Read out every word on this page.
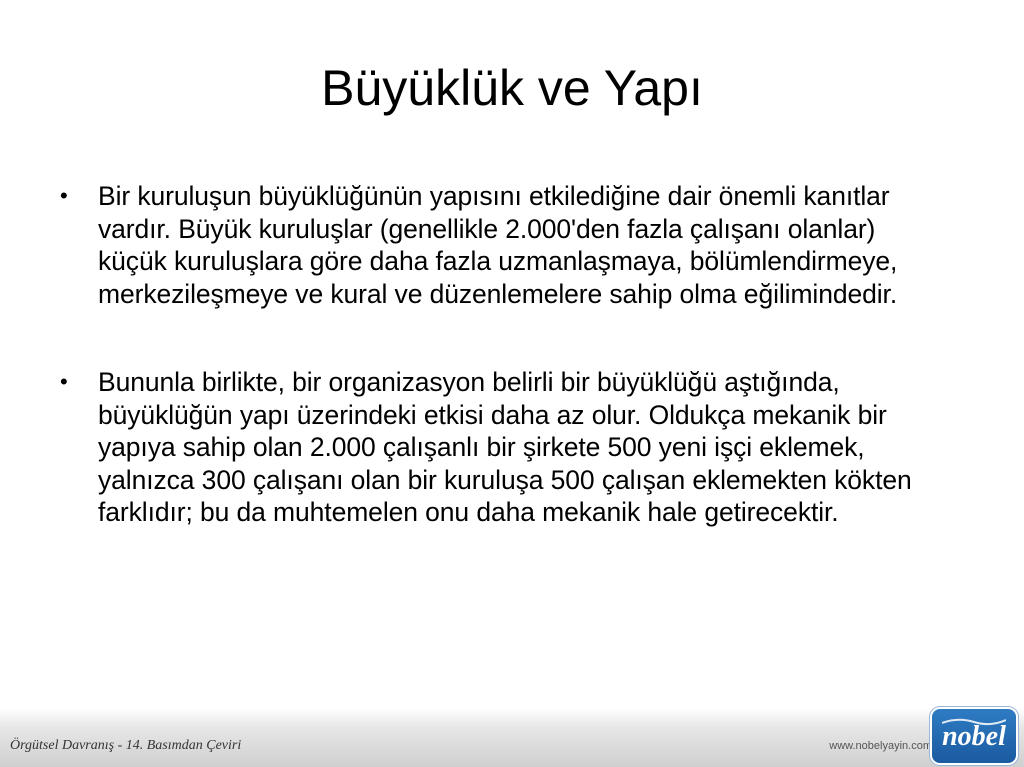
Büyüklük ve Yapı
• Bir kuruluşun büyüklüğünün yapısını etkilediğine dair önemli kanıtlar vardır. Büyük kuruluşlar (genellikle 2.000'den fazla çalışanı olanlar) küçük kuruluşlara göre daha fazla uzmanlaşmaya, bölümlendirmeye, merkezileşmeye ve kural ve düzenlemelere sahip olma eğilimindedir.
• Bununla birlikte, bir organizasyon belirli bir büyüklüğü aştığında, büyüklüğün yapı üzerindeki etkisi daha az olur. Oldukça mekanik bir yapıya sahip olan 2.000 çalışanlı bir şirkete 500 yeni işçi eklemek, yalnızca 300 çalışanı olan bir kuruluşa 500 çalışan eklemekten kökten farklıdır; bu da muhtemelen onu daha mekanik hale getirecektir.
Örgütsel Davranış - 14. Basımdan Çeviri	www.nobelyayin.com nobel
